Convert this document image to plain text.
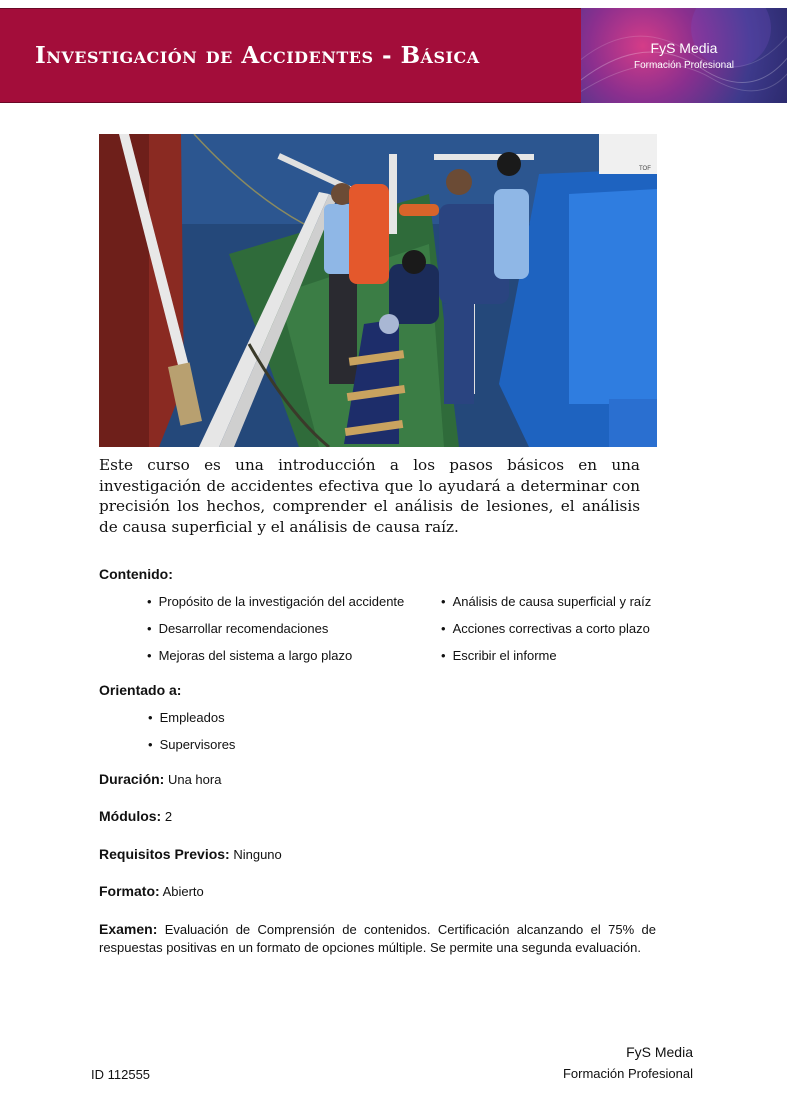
Investigación de Accidentes - Básica	FyS Media
Formación Profesional
TOF
Este curso es una introducción a los pasos básicos en una investigación de accidentes efectiva que lo ayudará a determinar con precisión los hechos, comprender el análisis de lesiones, el análisis de causa superficial y el análisis de causa raíz.
Contenido:
• Propósito de la investigación del accidente
• Desarrollar recomendaciones
• Mejoras del sistema a largo plazo
• Análisis de causa superficial y raíz
• Acciones correctivas a corto plazo
• Escribir el informe
Orientado a:
• Empleados
• Supervisores
Duración: Una hora
Módulos: 2
Requisitos Previos: Ninguno
Formato: Abierto
Examen: Evaluación de Comprensión de contenidos. Certificación alcanzando el 75% de respuestas positivas en un formato de opciones múltiple. Se permite una segunda evaluación.
ID 112555
FyS Media
Formación Profesional
